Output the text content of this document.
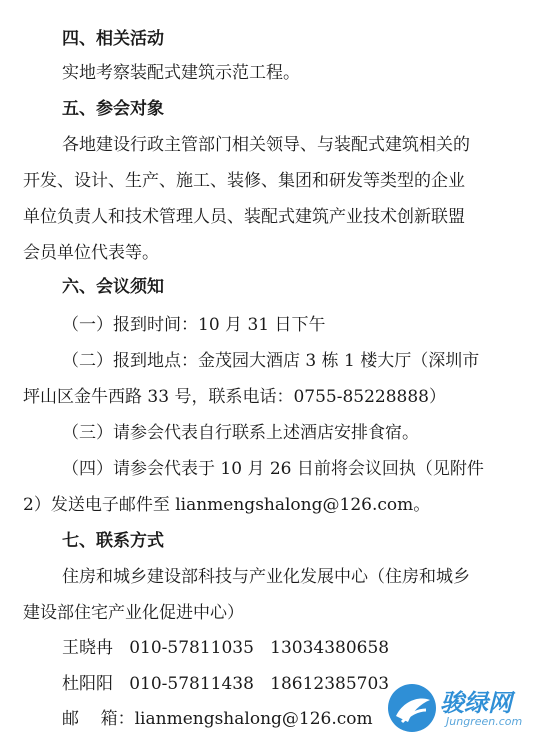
四、相关活动
实地考察装配式建筑示范工程。
五、参会对象
各地建设行政主管部门相关领导、与装配式建筑相关的
开发、设计、生产、施工、装修、集团和研发等类型的企业
单位负责人和技术管理人员、装配式建筑产业技术创新联盟
会员单位代表等。
六、会议须知
（一）报到时间：10 月 31 日下午
（二）报到地点：金茂园大酒店 3 栋 1 楼大厅（深圳市
坪山区金牛西路 33 号，联系电话：0755-85228888）
（三）请参会代表自行联系上述酒店安排食宿。
（四）请参会代表于 10 月 26 日前将会议回执（见附件
2）发送电子邮件至 lianmengshalong@126.com。
七、联系方式
住房和城乡建设部科技与产业化发展中心（住房和城乡
建设部住宅产业化促进中心）
王晓冉   010-57811035   13034380658
杜阳阳   010-57811438   18612385703
邮    箱：lianmengshalong@126.com
骏绿网
Jungreen.com
